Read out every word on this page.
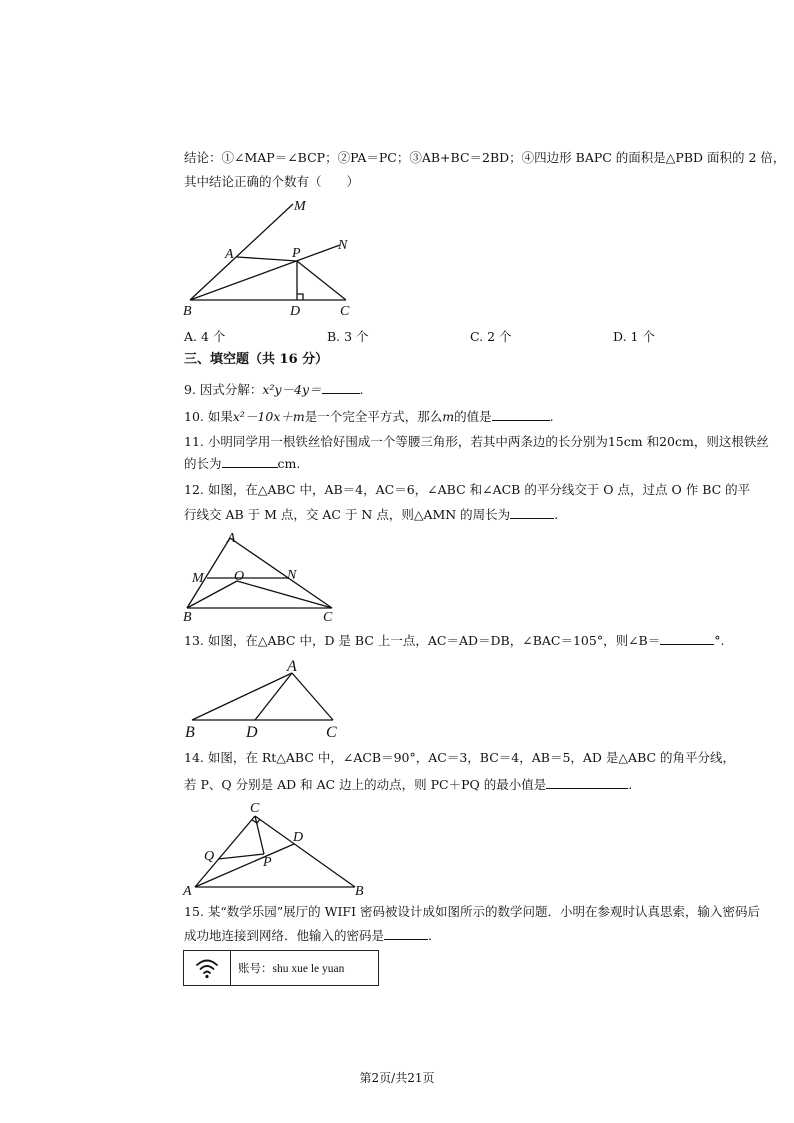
结论：①∠MAP＝∠BCP；②PA＝PC；③AB+BC＝2BD；④四边形 BAPC 的面积是△PBD 面积的 2 倍，
其中结论正确的个数有（　　）
M
A	P
N
B	D	C
A. 4 个	B. 3 个	C. 2 个	D. 1 个
三、填空题（共 16 分）
9. 因式分解：x²y－4y＝	.
10. 如果x²－10x＋m是一个完全平方式，那么m的值是	.
11. 小明同学用一根铁丝恰好围成一个等腰三角形，若其中两条边的长分别为15cm 和20cm，则这根铁丝
的长为	cm.
12. 如图，在△ABC 中，AB＝4，AC＝6，∠ABC 和∠ACB 的平分线交于 O 点，过点 O 作 BC 的平
行线交 AB 于 M 点，交 AC 于 N 点，则△AMN 的周长为	.
A
M O	N
B	C
13. 如图，在△ABC 中，D 是 BC 上一点，AC＝AD＝DB，∠BAC＝105°，则∠B＝	°.
A
B	D	C
14. 如图，在 Rt△ABC 中，∠ACB＝90°，AC＝3，BC＝4，AB＝5，AD 是△ABC 的角平分线，
若 P、Q 分别是 AD 和 AC 边上的动点，则 PC＋PQ 的最小值是	.
C
D
Q	P
A	B
15. 某“数学乐园”展厅的 WIFI 密码被设计成如图所示的数学问题．小明在参观时认真思索，输入密码后
成功地连接到网络．他输入的密码是	.
账号：shu xue le yuan
第2页/共21页
